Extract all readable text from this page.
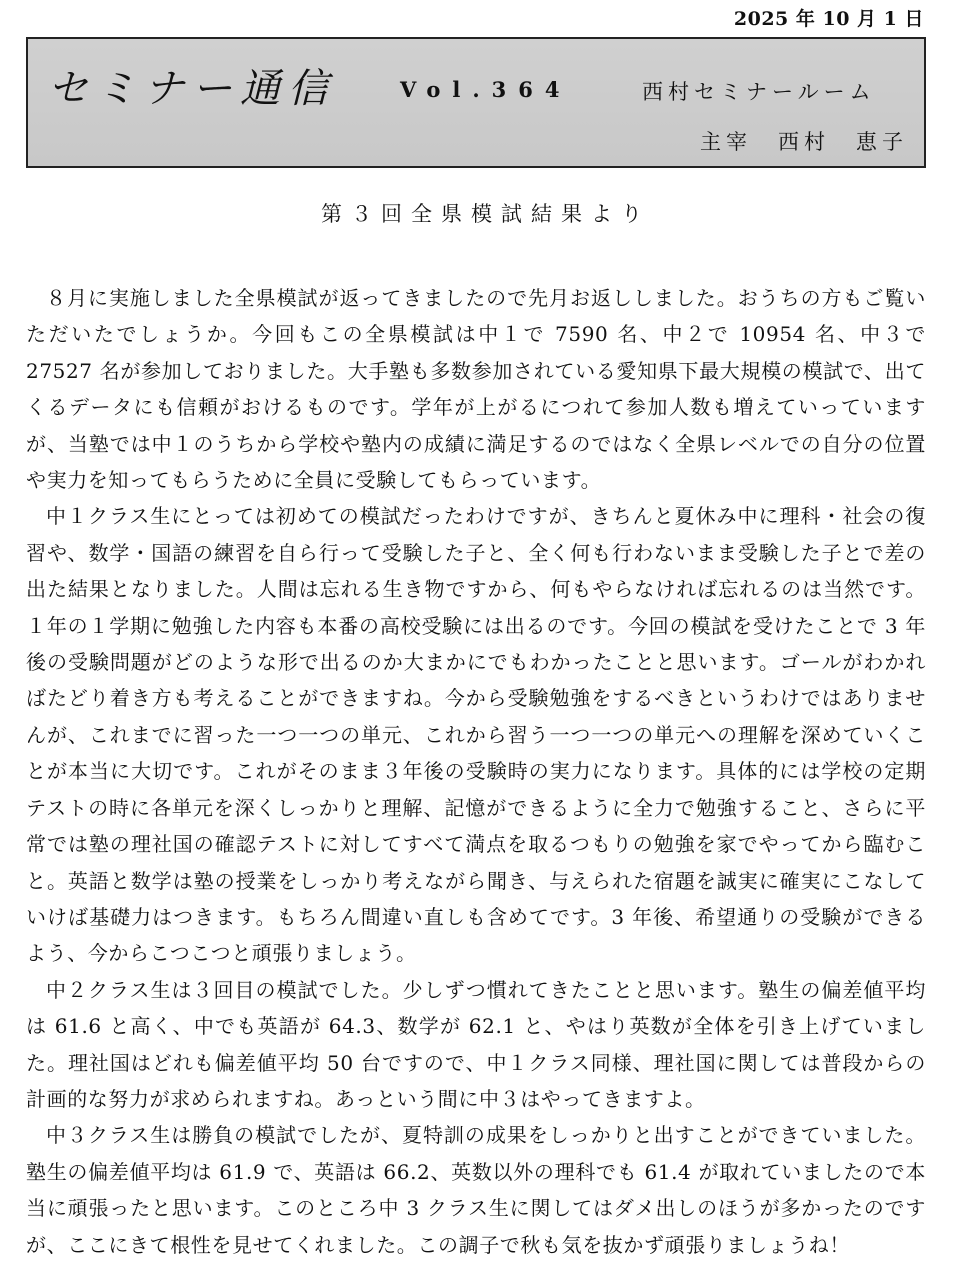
2025 年 10 月 1 日
セミナー通信	Vol.364	西村セミナールーム
主宰　西村　恵子
第３回全県模試結果より

８月に実施しました全県模試が返ってきましたので先月お返ししました。おうちの方もご覧いただいたでしょうか。今回もこの全県模試は中１で 7590 名、中２で 10954 名、中３で 27527 名が参加しておりました。大手塾も多数参加されている愛知県下最大規模の模試で、出てくるデータにも信頼がおけるものです。学年が上がるにつれて参加人数も増えていっていますが、当塾では中１のうちから学校や塾内の成績に満足するのではなく全県レベルでの自分の位置や実力を知ってもらうために全員に受験してもらっています。

中１クラス生にとっては初めての模試だったわけですが、きちんと夏休み中に理科・社会の復習や、数学・国語の練習を自ら行って受験した子と、全く何も行わないまま受験した子とで差の出た結果となりました。人間は忘れる生き物ですから、何もやらなければ忘れるのは当然です。１年の１学期に勉強した内容も本番の高校受験には出るのです。今回の模試を受けたことで 3 年後の受験問題がどのような形で出るのか大まかにでもわかったことと思います。ゴールがわかればたどり着き方も考えることができますね。今から受験勉強をするべきというわけではありませんが、これまでに習った一つ一つの単元、これから習う一つ一つの単元への理解を深めていくことが本当に大切です。これがそのまま３年後の受験時の実力になります。具体的には学校の定期テストの時に各単元を深くしっかりと理解、記憶ができるように全力で勉強すること、さらに平常では塾の理社国の確認テストに対してすべて満点を取るつもりの勉強を家でやってから臨むこと。英語と数学は塾の授業をしっかり考えながら聞き、与えられた宿題を誠実に確実にこなしていけば基礎力はつきます。もちろん間違い直しも含めてです。3 年後、希望通りの受験ができるよう、今からこつこつと頑張りましょう。

中２クラス生は３回目の模試でした。少しずつ慣れてきたことと思います。塾生の偏差値平均は 61.6 と高く、中でも英語が 64.3、数学が 62.1 と、やはり英数が全体を引き上げていました。理社国はどれも偏差値平均 50 台ですので、中１クラス同様、理社国に関しては普段からの計画的な努力が求められますね。あっという間に中３はやってきますよ。

中３クラス生は勝負の模試でしたが、夏特訓の成果をしっかりと出すことができていました。塾生の偏差値平均は 61.9 で、英語は 66.2、英数以外の理科でも 61.4 が取れていましたので本当に頑張ったと思います。このところ中 3 クラス生に関してはダメ出しのほうが多かったのですが、ここにきて根性を見せてくれました。この調子で秋も気を抜かず頑張りましょうね！
